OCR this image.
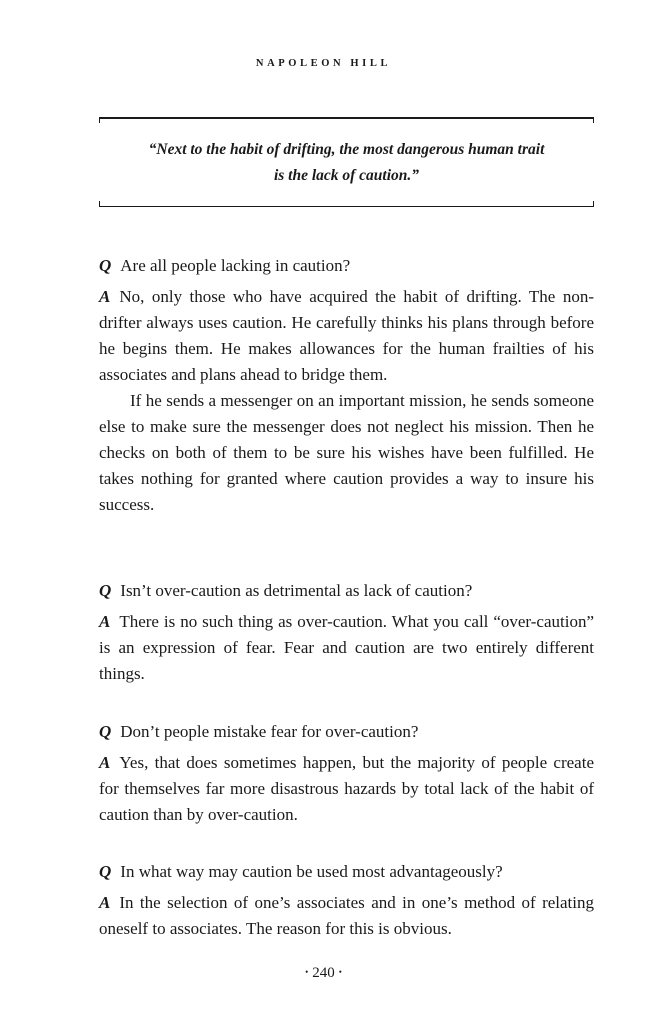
NAPOLEON HILL
“Next to the habit of drifting, the most dangerous human trait
is the lack of caution.”

Q Are all people lacking in caution?

A No, only those who have acquired the habit of drifting. The non-drifter always uses caution. He carefully thinks his plans through before he begins them. He makes allowances for the human frailties of his associates and plans ahead to bridge them.

If he sends a messenger on an important mission, he sends someone else to make sure the messenger does not neglect his mission. Then he checks on both of them to be sure his wishes have been fulfilled. He takes nothing for granted where caution provides a way to insure his success.

Q Isn’t over-caution as detrimental as lack of caution?

A There is no such thing as over-caution. What you call “over-caution” is an expression of fear. Fear and caution are two entirely different things.

Q Don’t people mistake fear for over-caution?

A Yes, that does sometimes happen, but the majority of people create for themselves far more disastrous hazards by total lack of the habit of caution than by over-caution.

Q In what way may caution be used most advantageously?

A In the selection of one’s associates and in one’s method of relating oneself to associates. The reason for this is obvious.

• 240 •
